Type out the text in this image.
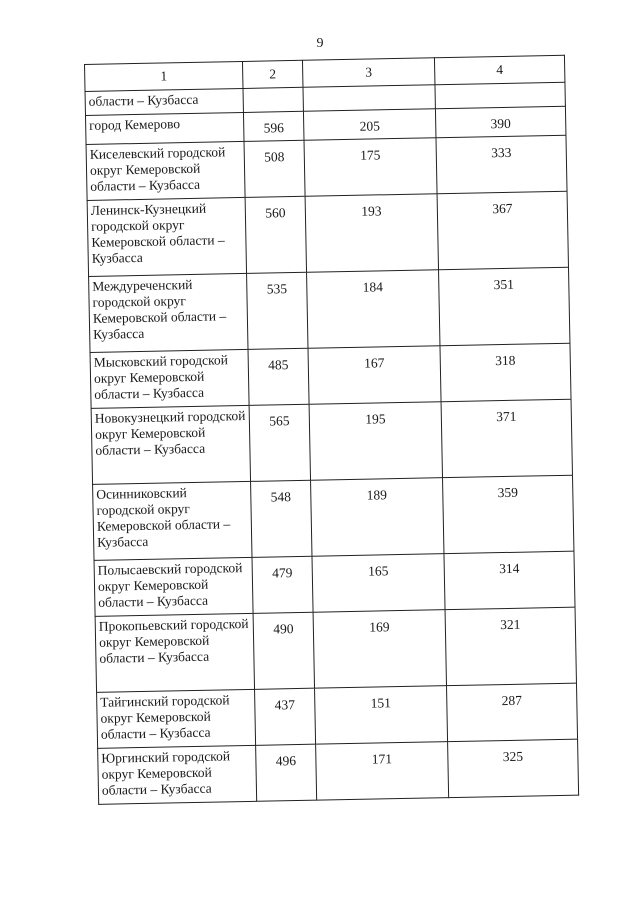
9
1	2	3	4
области – Кузбасса			
город Кемерово	596	205	390
Киселевский городской округ Кемеровской области – Кузбасса	508	175	333
Ленинск-Кузнецкий городской округ Кемеровской области – Кузбасса	560	193	367
Междуреченский городской округ Кемеровской области – Кузбасса	535	184	351
Мысковский городской округ Кемеровской области – Кузбасса	485	167	318
Новокузнецкий городской округ Кемеровской области – Кузбасса	565	195	371
Осинниковский городской округ Кемеровской области – Кузбасса	548	189	359
Полысаевский городской округ Кемеровской области – Кузбасса	479	165	314
Прокопьевский городской округ Кемеровской области – Кузбасса	490	169	321
Тайгинский городской округ Кемеровской области – Кузбасса	437	151	287
Юргинский городской округ Кемеровской области – Кузбасса	496	171	325
